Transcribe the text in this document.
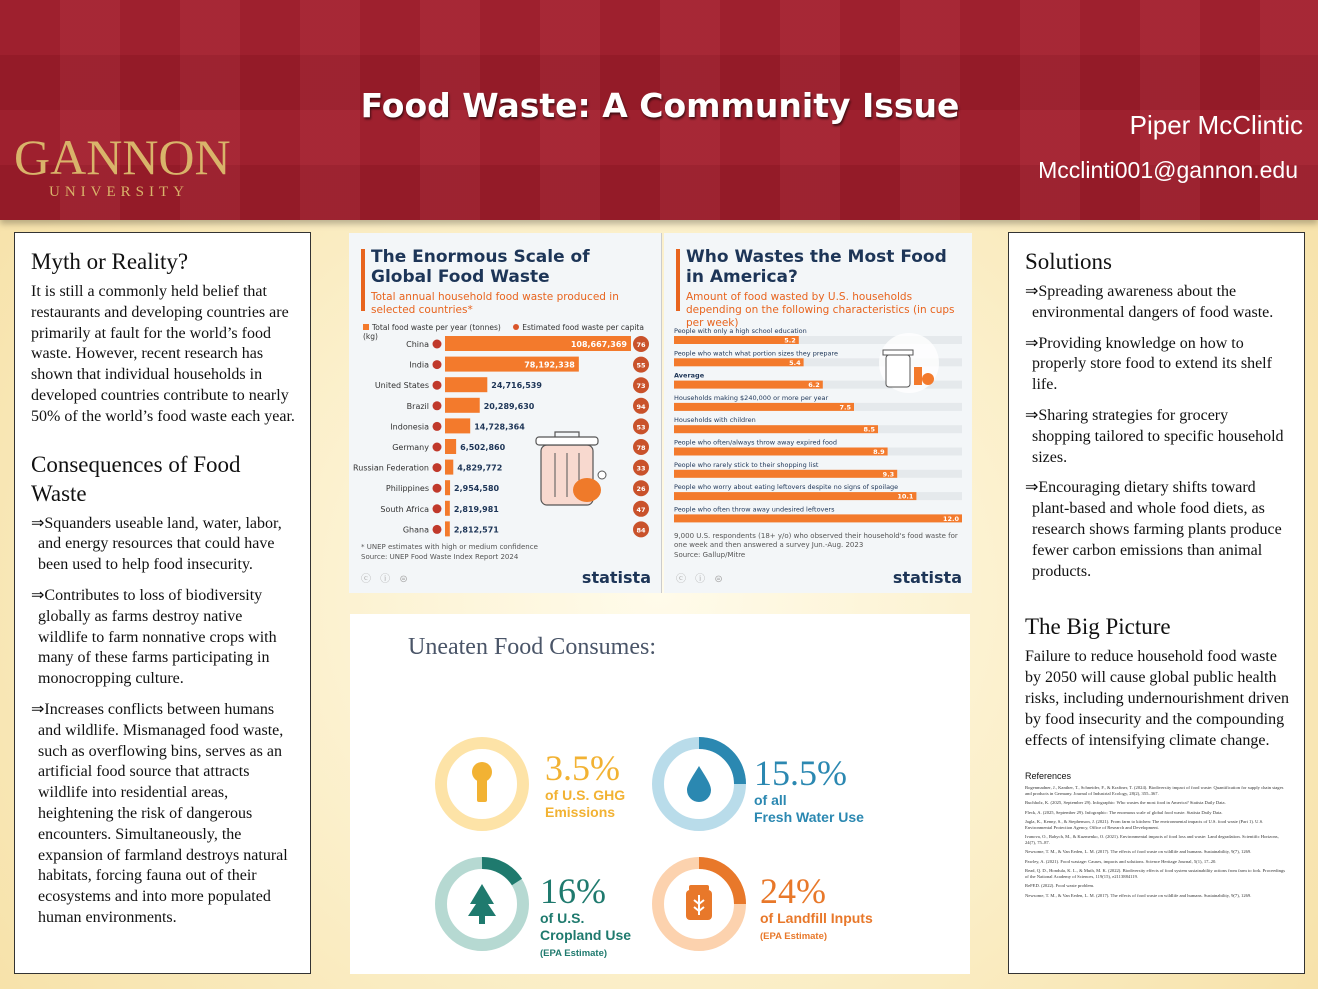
GANNON
UNIVERSITY
Food Waste: A Community Issue	Piper McClintic
Mcclinti001@gannon.edu
Myth or Reality?
It is still a commonly held belief that restaurants and developing countries are primarily at fault for the world’s food waste. However, recent research has shown that individual households in developed countries contribute to nearly 50% of the world’s food waste each year.
Consequences of Food Waste
⇒Squanders useable land, water, labor, and energy resources that could have been used to help food insecurity.
⇒Contributes to loss of biodiversity globally as farms destroy native wildlife to farm nonnative crops with many of these farms participating in monocropping culture.
⇒Increases conflicts between humans and wildlife. Mismanaged food waste, such as overflowing bins, serves as an artificial food source that attracts wildlife into residential areas, heightening the risk of dangerous encounters. Simultaneously, the expansion of farmland destroys natural habitats, forcing fauna out of their ecosystems and into more populated human environments.
Solutions
⇒Spreading awareness about the environmental dangers of food waste.
⇒Providing knowledge on how to properly store food to extend its shelf life.
⇒Sharing strategies for grocery shopping tailored to specific household sizes.
⇒Encouraging dietary shifts toward plant-based and whole food diets, as research shows farming plants produce fewer carbon emissions than animal products.
The Big Picture
Failure to reduce household food waste by 2050 will cause global public health risks, including undernourishment driven by food insecurity and the compounding effects of intensifying climate change.
References
Bogenmadner, J., Kanther, T., Schneider, F., & Kraftner, T. (2024). Biodiversity impact of food waste: Quantification for supply chain stages and products in Germany. Journal of Industrial Ecology, 28(2), 355–367.
Buchholz, K. (2025, September 29). Infographic: Who wastes the most food in America? Statista Daily Data.
Fleck, A. (2025, September 29). Infographic: The enormous scale of global food waste. Statista Daily Data.
Jagla, K., Kenny, S., & Stephenson, J. (2021). From farm to kitchen: The environmental impacts of U.S. food waste (Part 1). U.S. Environmental Protection Agency, Office of Research and Development.
Ivanova, O., Babych, M., & Kuzmenko, O. (2021). Environmental impacts of food loss and waste: Land degradation. Scientific Horizons, 24(7), 75–87.
Newsome, T. M., & Van Eeden, L. M. (2017). The effects of food waste on wildlife and humans. Sustainability, 9(7), 1269.
Pawley, A. (2021). Food wastage: Causes, impacts and solutions. Science Heritage Journal, 5(1), 17–20.
Read, Q. D., Hondula, K. L., & Muth, M. K. (2022). Biodiversity effects of food system sustainability actions from farm to fork. Proceedings of the National Academy of Sciences, 119(15), e2113884119.
ReFED. (2022). Food waste problem.
Newsome, T. M., & Van Eeden, L. M. (2017). The effects of food waste on wildlife and humans. Sustainability, 9(7), 1269.
The Enormous Scale of Global Food Waste
Total annual household food waste produced in selected countries*
Total food waste per year (tonnes)	Estimated food waste per capita (kg)
China	108,667,369 76
India	78,192,338	55
United States	24,716,539	73
Brazil	20,289,630	94
Indonesia	14,728,364	53
Germany	6,502,860	78
Russian Federation	4,829,772	33
Philippines	2,954,580	26
South Africa	2,819,981	47
Ghana	2,812,571	84
* UNEP estimates with high or medium confidence
Source: UNEP Food Waste Index Report 2024
ⓒ ⓘ ⊜	statista
Who Wastes the Most Food in America?
Amount of food wasted by U.S. households depending on the following characteristics (in cups per week)
People with only a high school education
5.2
People who watch what portion sizes they prepare
5.4
Average
6.2
Households making $240,000 or more per year
7.5
Households with children
8.5
People who often/always throw away expired food
8.9
People who rarely stick to their shopping list
9.3
People who worry about eating leftovers despite no signs of spoilage
10.1
People who often throw away undesired leftovers
12.0
9,000 U.S. respondents (18+ y/o) who observed their household's food waste for one week and then answered a survey Jun.-Aug. 2023
Source: Gallup/Mitre
ⓒ ⓘ ⊜	statista
Uneaten Food Consumes:
3.5%
of U.S. GHG
Emissions
15.5%
of all
Fresh Water Use
16%
of U.S.
Cropland Use
(EPA Estimate)
24%
of Landfill Inputs
(EPA Estimate)
